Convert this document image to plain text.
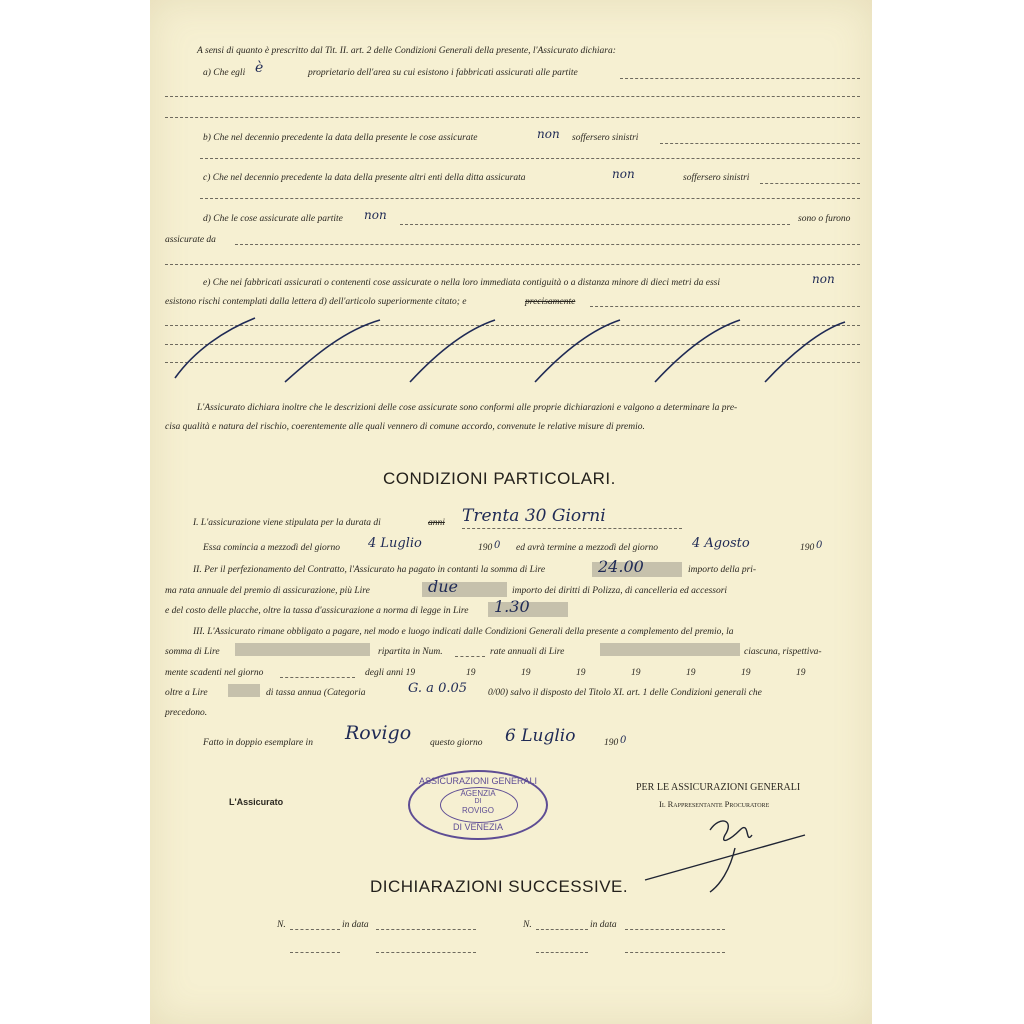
A sensi di quanto è prescritto dal Tit. II. art. 2 delle Condizioni Generali della presente, l'Assicurato dichiara:
a) Che egli è	proprietario dell'area su cui esistono i fabbricati assicurati alle partite
b) Che nel decennio precedente la data della presente le cose assicurate	non soffersero sinistri
c) Che nel decennio precedente la data della presente altri enti della ditta assicurata	non	soffersero sinistri
d) Che le cose assicurate alle partite non	sono o furono
assicurate da
e) Che nei fabbricati assicurati o contenenti cose assicurate o nella loro immediata contiguità o a distanza minore di dieci metri da essi	non
esistono rischi contemplati dalla lettera d) dell'articolo superiormente citato; e	precisamente
L'Assicurato dichiara inoltre che le descrizioni delle cose assicurate sono conformi alle proprie dichiarazioni e valgono a determinare la pre-
cisa qualità e natura del rischio, coerentemente alle quali vennero di comune accordo, convenute le relative misure di premio.
CONDIZIONI PARTICOLARI.
I. L'assicurazione viene stipulata per la durata di	anni Trenta 30 Giorni
Essa comincia a mezzodì del giorno 4 Luglio	190 0 ed avrà termine a mezzodì del giorno	4 Agosto	190 0
II. Per il perfezionamento del Contratto, l'Assicurato ha pagato in contanti la somma di Lire	24.00	importo della pri-
ma rata annuale del premio di assicurazione, più Lire	due	importo dei diritti di Polizza, di cancelleria ed accessori
e del costo delle placche, oltre la tassa d'assicurazione a norma di legge in Lire 1.30
III. L'Assicurato rimane obbligato a pagare, nel modo e luogo indicati dalle Condizioni Generali della presente a complemento del premio, la
somma di Lire	ripartita in Num.	rate annuali di Lire	ciascuna, rispettiva-
mente scadenti nel giorno	degli anni 19	19	19	19	19	19	19	19
oltre a Lire	di tassa annua (Categoria	G. a 0.05 0/00) salvo il disposto del Titolo XI. art. 1 delle Condizioni generali che
precedono.
Fatto in doppio esemplare in Rovigo questo giorno 6 Luglio	190 0
L'Assicurato
PER LE ASSICURAZIONI GENERALI
Il Rappresentante Procuratore
ASSICURAZIONI GENERALI
AGENZIA
DI
ROVIGO
DI VENEZIA
DICHIARAZIONI SUCCESSIVE.
N.	in data	N.	in data
